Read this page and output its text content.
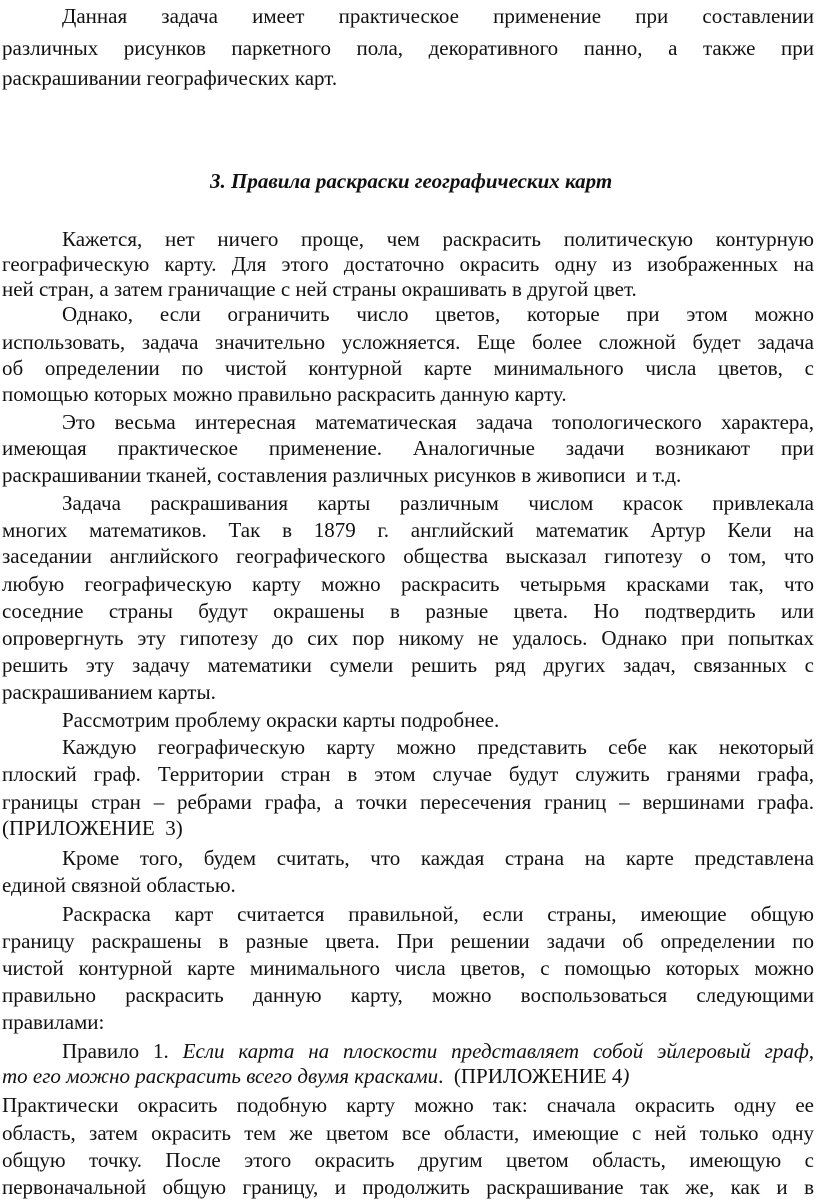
Данная задача имеет практическое применение при составлении
различных рисунков паркетного пола, декоративного панно, а также при
раскрашивании географических карт.
3. Правила раскраски географических карт
Кажется, нет ничего проще, чем раскрасить политическую контурную
географическую карту. Для этого достаточно окрасить одну из изображенных на
ней стран, а затем граничащие с ней страны окрашивать в другой цвет.
Однако, если ограничить число цветов, которые при этом можно
использовать, задача значительно усложняется. Еще более сложной будет задача
об определении по чистой контурной карте минимального числа цветов, с
помощью которых можно правильно раскрасить данную карту.
Это весьма интересная математическая задача топологического характера,
имеющая практическое применение. Аналогичные задачи возникают при
раскрашивании тканей, составления различных рисунков в живописи  и т.д.
Задача раскрашивания карты различным числом красок привлекала
многих математиков. Так в 1879 г. английский математик Артур Кели на
заседании английского географического общества высказал гипотезу о том, что
любую географическую карту можно раскрасить четырьмя красками так, что
соседние страны будут окрашены в разные цвета. Но подтвердить или
опровергнуть эту гипотезу до сих пор никому не удалось. Однако при попытках
решить эту задачу математики сумели решить ряд других задач, связанных с
раскрашиванием карты.
Рассмотрим проблему окраски карты подробнее.
Каждую географическую карту можно представить себе как некоторый
плоский граф. Территории стран в этом случае будут служить гранями графа,
границы стран – ребрами графа, а точки пересечения границ – вершинами графа.
(ПРИЛОЖЕНИЕ  3)
Кроме того, будем считать, что каждая страна на карте представлена
единой связной областью.
Раскраска карт считается правильной, если страны, имеющие общую
границу раскрашены в разные цвета. При решении задачи об определении по
чистой контурной карте минимального числа цветов, с помощью которых можно
правильно раскрасить данную карту, можно воспользоваться следующими
правилами:
Правило 1. Если карта на плоскости представляет собой эйлеровый граф,
то его можно раскрасить всего двумя красками.  (ПРИЛОЖЕНИЕ 4)
Практически окрасить подобную карту можно так: сначала окрасить одну ее
область, затем окрасить тем же цветом все области, имеющие с ней только одну
общую точку. После этого окрасить другим цветом область, имеющую с
первоначальной общую границу, и продолжить раскрашивание так же, как и в
